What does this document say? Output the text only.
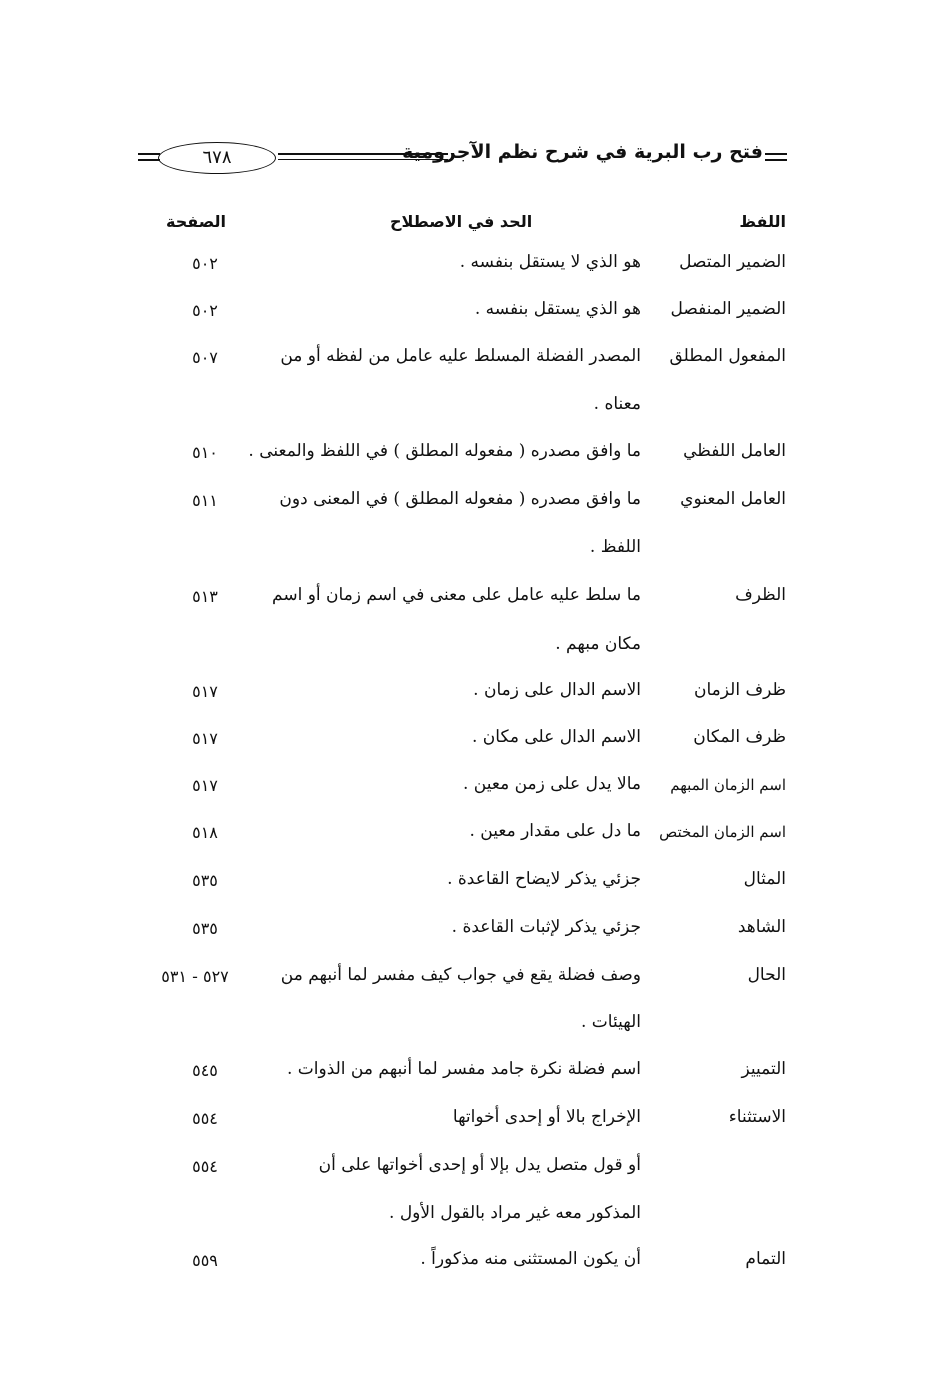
فتح رب البرية في شرح نظم الآجرومية
٦٧٨
اللفظ
الحد في الاصطلاح
الصفحة
الضمير المتصل
هو الذي لا يستقل بنفسه .
٥٠٢
الضمير المنفصل
هو الذي يستقل بنفسه .
٥٠٢
المفعول المطلق
المصدر الفضلة المسلط عليه عامل من لفظه أو من
٥٠٧
معناه .
العامل اللفظي
ما وافق مصدره ( مفعوله المطلق ) في اللفظ والمعنى .
٥١٠
العامل المعنوي
ما وافق مصدره ( مفعوله المطلق ) في المعنى دون
٥١١
اللفظ .
الظرف
ما سلط عليه عامل على معنى في اسم زمان أو اسم
٥١٣
مكان مبهم .
ظرف الزمان
الاسم الدال على زمان .
٥١٧
ظرف المكان
الاسم الدال على مكان .
٥١٧
اسم الزمان المبهم
مالا يدل على زمن معين .
٥١٧
اسم الزمان المختص
ما دل على مقدار معين .
٥١٨
المثال
جزئي يذكر لايضاح القاعدة .
٥٣٥
الشاهد
جزئي يذكر لإثبات القاعدة .
٥٣٥
الحال
وصف فضلة يقع في جواب كيف مفسر لما أنبهم من
٥٢٧ - ٥٣١
الهيئات .
التمييز
اسم فضلة نكرة جامد مفسر لما أنبهم من الذوات .
٥٤٥
الاستثناء
الإخراج بالا أو إحدى أخواتها
٥٥٤
أو قول متصل يدل بإلا أو إحدى أخواتها على أن
٥٥٤
المذكور معه غير مراد بالقول الأول .
التمام
أن يكون المستثنى منه مذكوراً .
٥٥٩
